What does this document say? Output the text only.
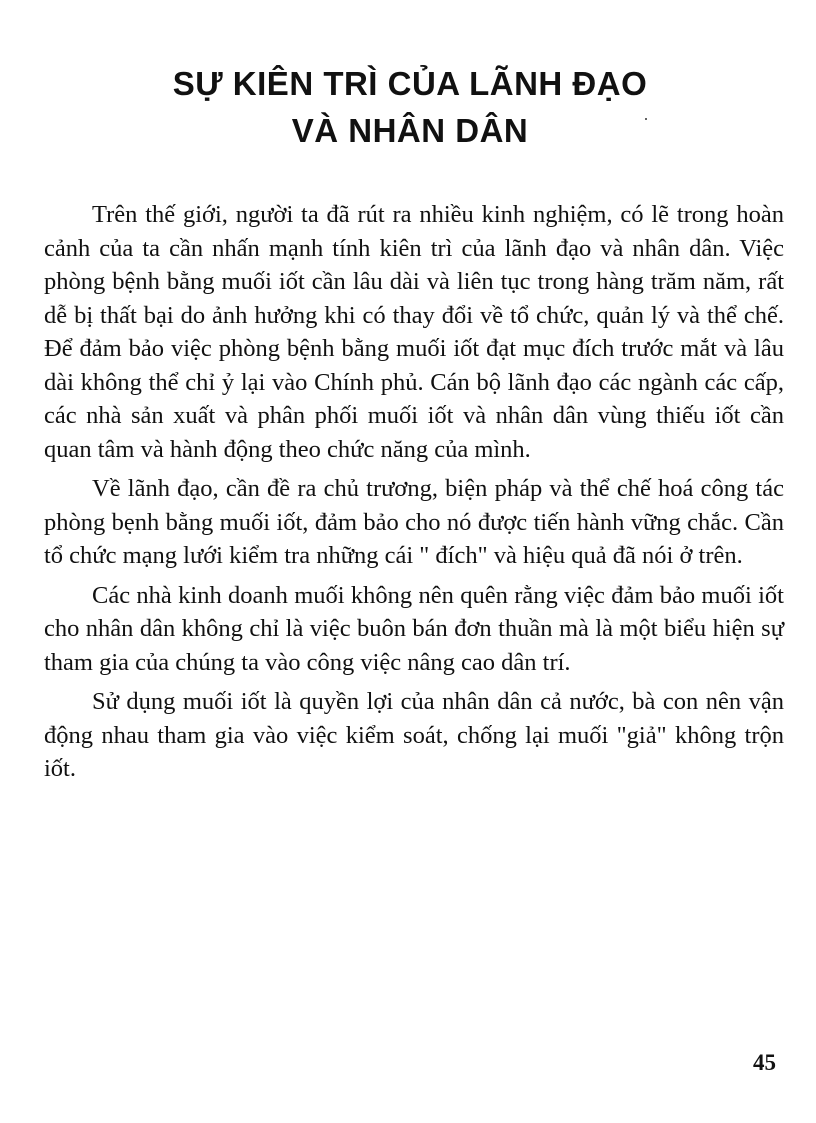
SỰ KIÊN TRÌ CỦA LÃNH ĐẠO
VÀ NHÂN DÂN

Trên thế giới, người ta đã rút ra nhiều kinh nghiệm, có lẽ trong hoàn cảnh của ta cần nhấn mạnh tính kiên trì của lãnh đạo và nhân dân. Việc phòng bệnh bằng muối iốt cần lâu dài và liên tục trong hàng trăm năm, rất dễ bị thất bại do ảnh hưởng khi có thay đổi về tổ chức, quản lý và thể chế. Để đảm bảo việc phòng bệnh bằng muối iốt đạt mục đích trước mắt và lâu dài không thể chỉ ỷ lại vào Chính phủ. Cán bộ lãnh đạo các ngành các cấp, các nhà sản xuất và phân phối muối iốt và nhân dân vùng thiếu iốt cần quan tâm và hành động theo chức năng của mình.

Về lãnh đạo, cần đề ra chủ trương, biện pháp và thể chế hoá công tác phòng bẹnh bằng muối iốt, đảm bảo cho nó được tiến hành vững chắc. Cần tổ chức mạng lưới kiểm tra những cái " đích" và hiệu quả đã nói ở trên.

Các nhà kinh doanh muối không nên quên rằng việc đảm bảo muối iốt cho nhân dân không chỉ là việc buôn bán đơn thuần mà là một biểu hiện sự tham gia của chúng ta vào công việc nâng cao dân trí.

Sử dụng muối iốt là quyền lợi của nhân dân cả nước, bà con nên vận động nhau tham gia vào việc kiểm soát, chống lại muối "giả" không trộn iốt.

45
